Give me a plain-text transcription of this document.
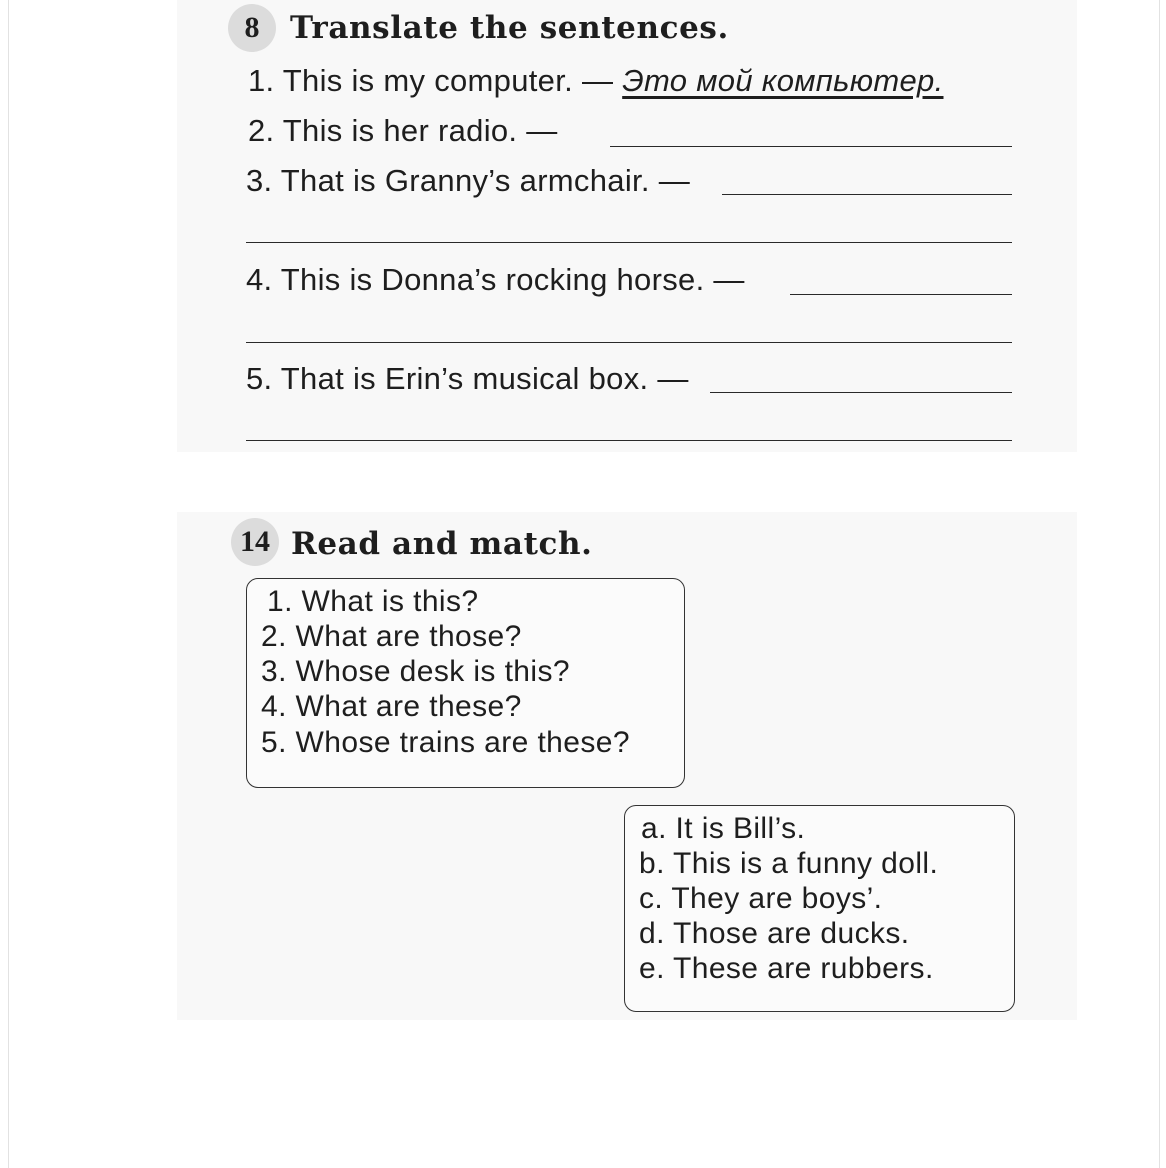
8 Translate the sentences.
1. This is my computer. — Это мой компьютер.
2. This is her radio. —
3. That is Granny’s armchair. —
4. This is Donna’s rocking horse. —
5. That is Erin’s musical box. —
14 Read and match.
1. What is this?
2. What are those?
3. Whose desk is this?
4. What are these?
5. Whose trains are these?
a. It is Bill’s.
b. This is a funny doll.
c. They are boys’.
d. Those are ducks.
e. These are rubbers.
